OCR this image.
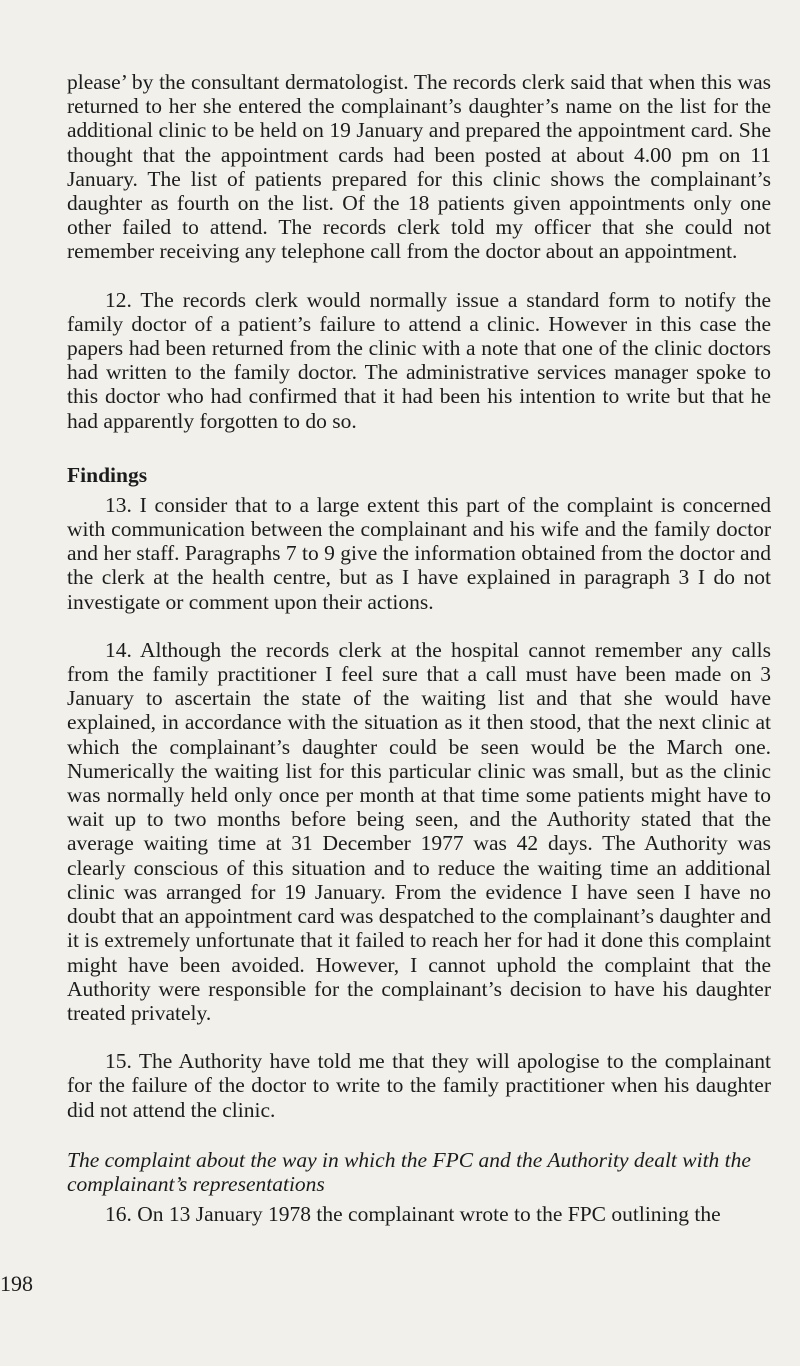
please’ by the consultant dermatologist. The records clerk said that when this was returned to her she entered the complainant’s daughter’s name on the list for the additional clinic to be held on 19 January and prepared the appointment card. She thought that the appointment cards had been posted at about 4.00 pm on 11 January. The list of patients prepared for this clinic shows the complainant’s daughter as fourth on the list. Of the 18 patients given appointments only one other failed to attend. The records clerk told my officer that she could not remember receiving any telephone call from the doctor about an appointment.

12. The records clerk would normally issue a standard form to notify the family doctor of a patient’s failure to attend a clinic. However in this case the papers had been returned from the clinic with a note that one of the clinic doctors had written to the family doctor. The administrative services manager spoke to this doctor who had confirmed that it had been his intention to write but that he had apparently forgotten to do so.

Findings

13. I consider that to a large extent this part of the complaint is concerned with communication between the complainant and his wife and the family doctor and her staff. Paragraphs 7 to 9 give the information obtained from the doctor and the clerk at the health centre, but as I have explained in paragraph 3 I do not investigate or comment upon their actions.

14. Although the records clerk at the hospital cannot remember any calls from the family practitioner I feel sure that a call must have been made on 3 January to ascertain the state of the waiting list and that she would have explained, in accordance with the situation as it then stood, that the next clinic at which the complainant’s daughter could be seen would be the March one. Numerically the waiting list for this particular clinic was small, but as the clinic was normally held only once per month at that time some patients might have to wait up to two months before being seen, and the Authority stated that the average waiting time at 31 December 1977 was 42 days. The Authority was clearly conscious of this situation and to reduce the waiting time an additional clinic was arranged for 19 January. From the evidence I have seen I have no doubt that an appointment card was despatched to the complainant’s daughter and it is extremely unfortunate that it failed to reach her for had it done this complaint might have been avoided. However, I cannot uphold the complaint that the Authority were responsible for the complainant’s decision to have his daughter treated privately.

15. The Authority have told me that they will apologise to the complainant for the failure of the doctor to write to the family practitioner when his daughter did not attend the clinic.

The complaint about the way in which the FPC and the Authority dealt with the complainant’s representations

16. On 13 January 1978 the complainant wrote to the FPC outlining the

198
